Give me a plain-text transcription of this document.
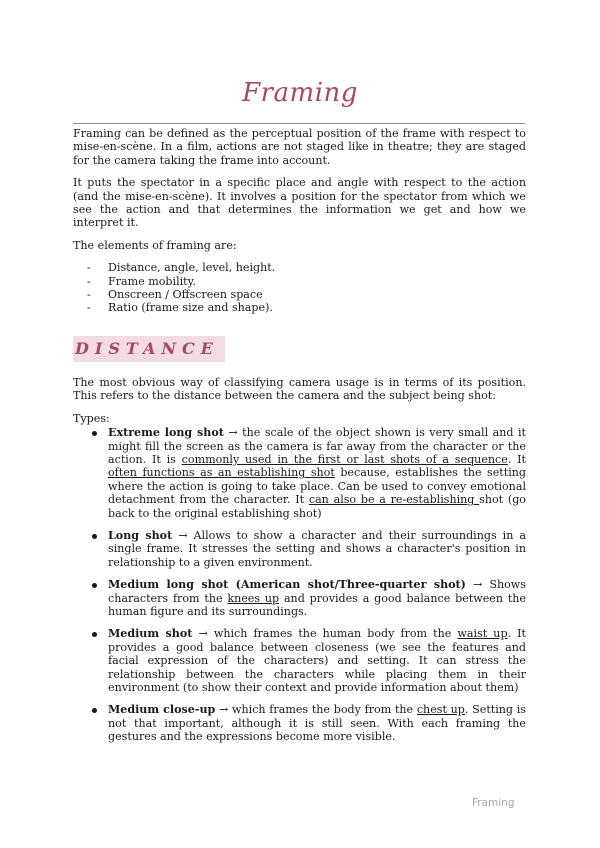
Framing

Framing can be defined as the perceptual position of the frame with respect to mise-en-scène. In a film, actions are not staged like in theatre; they are staged for the camera taking the frame into account.

It puts the spectator in a specific place and angle with respect to the action (and the mise-en-scène). It involves a position for the spectator from which we see the action and that determines the information we get and how we interpret it.

The elements of framing are:

- Distance, angle, level, height.
- Frame mobility.
- Onscreen / Offscreen space
- Ratio (frame size and shape).
DISTANCE

The most obvious way of classifying camera usage is in terms of its position. This refers to the distance between the camera and the subject being shot:

Types:
Extreme long shot → the scale of the object shown is very small and it might fill the screen as the camera is far away from the character or the action. It is commonly used in the first or last shots of a sequence. It often functions as an establishing shot because, establishes the setting where the action is going to take place. Can be used to convey emotional detachment from the character. It can also be a re-establishing shot (go back to the original establishing shot)
Long shot → Allows to show a character and their surroundings in a single frame. It stresses the setting and shows a character's position in relationship to a given environment.
Medium long shot (American shot/Three-quarter shot) → Shows characters from the knees up and provides a good balance between the human figure and its surroundings.
Medium shot → which frames the human body from the waist up. It provides a good balance between closeness (we see the features and facial expression of the characters) and setting. It can stress the relationship between the characters while placing them in their environment (to show their context and provide information about them)
Medium close-up → which frames the body from the chest up. Setting is not that important, although it is still seen. With each framing the gestures and the expressions become more visible.
Framing
